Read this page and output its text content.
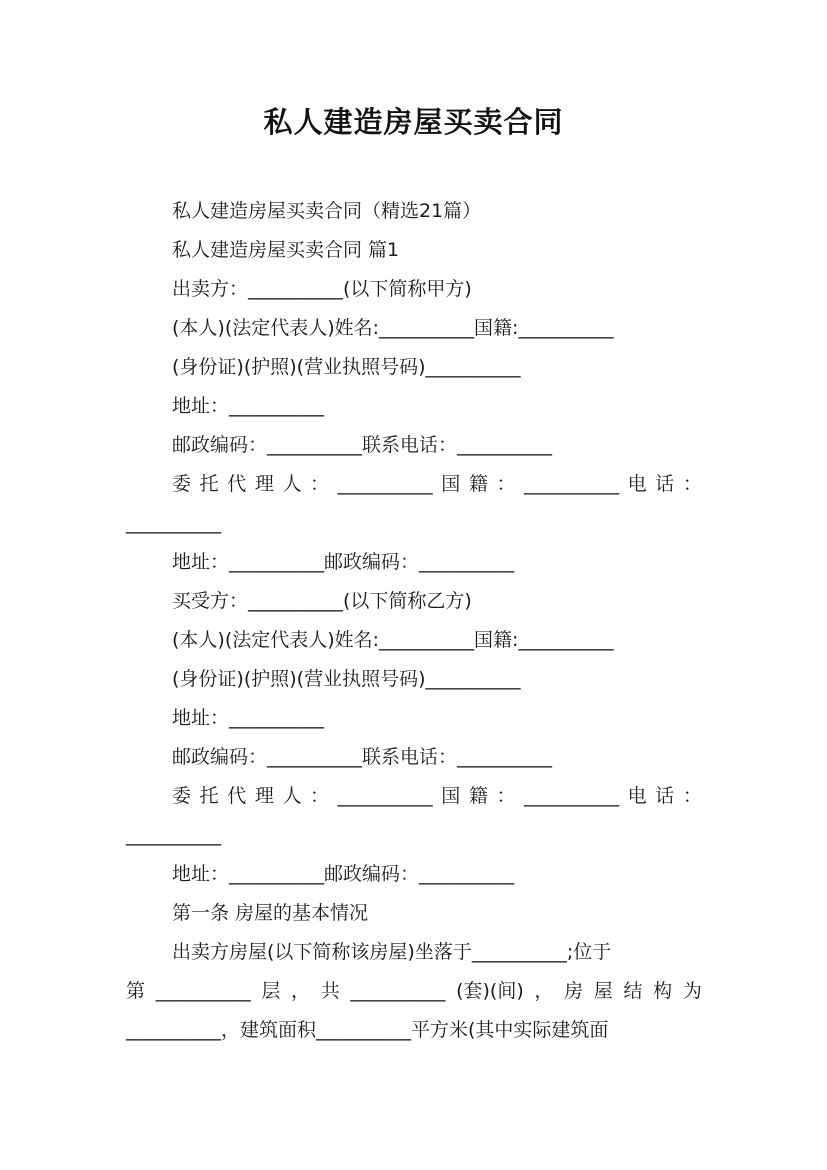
私人建造房屋买卖合同
私人建造房屋买卖合同（精选21篇）
私人建造房屋买卖合同 篇1
出卖方：__________(以下简称甲方)
(本人)(法定代表人)姓名:__________国籍:__________
(身份证)(护照)(营业执照号码)__________
地址：__________
邮政编码：__________联系电话：__________
委 托 代 理 人 ： __________ 国 籍 ： __________ 电 话 ：
__________
地址：__________邮政编码：__________
买受方：__________(以下简称乙方)
(本人)(法定代表人)姓名:__________国籍:__________
(身份证)(护照)(营业执照号码)__________
地址：__________
邮政编码：__________联系电话：__________
委 托 代 理 人 ： __________ 国 籍 ： __________ 电 话 ：
__________
地址：__________邮政编码：__________
第一条 房屋的基本情况
出卖方房屋(以下简称该房屋)坐落于__________;位于
第 __________ 层 ， 共 __________ (套)(间) ， 房 屋 结 构 为
__________，建筑面积__________平方米(其中实际建筑面
